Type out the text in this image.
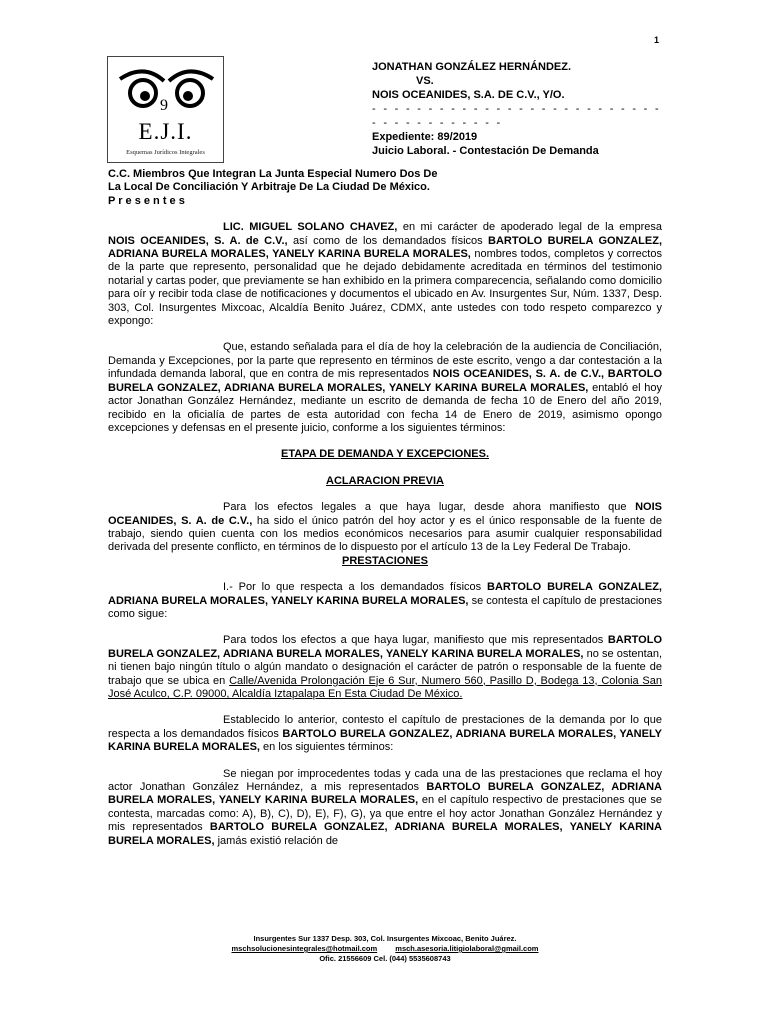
1
9
E.J.I.
Esquemas Jurídicos Integrales
JONATHAN GONZÁLEZ HERNÁNDEZ.
VS.
NOIS OCEANIDES, S.A. DE C.V., Y/O.
- - - - - - - - - - - - - - - - - - - - - - - - - - - - - - - - - - - - - -
Expediente: 89/2019
Juicio Laboral. - Contestación De Demanda
C.C. Miembros Que Integran La Junta Especial Numero Dos De
La Local De Conciliación Y Arbitraje De La Ciudad De México.
P r e s e n t e s

LIC. MIGUEL SOLANO CHAVEZ, en mi carácter de apoderado legal de la empresa NOIS OCEANIDES, S. A. de C.V., así como de los demandados físicos BARTOLO BURELA GONZALEZ, ADRIANA BURELA MORALES, YANELY KARINA BURELA MORALES, nombres todos, completos y correctos de la parte que represento, personalidad que he dejado debidamente acreditada en términos del testimonio notarial y cartas poder, que previamente se han exhibido en la primera comparecencia, señalando como domicilio para oír y recibir toda clase de notificaciones y documentos el ubicado en Av. Insurgentes Sur, Núm. 1337, Desp. 303, Col. Insurgentes Mixcoac, Alcaldía Benito Juárez, CDMX, ante ustedes con todo respeto comparezco y expongo:

Que, estando señalada para el día de hoy la celebración de la audiencia de Conciliación, Demanda y Excepciones, por la parte que represento en términos de este escrito, vengo a dar contestación a la infundada demanda laboral, que en contra de mis representados NOIS OCEANIDES, S. A. de C.V., BARTOLO BURELA GONZALEZ, ADRIANA BURELA MORALES, YANELY KARINA BURELA MORALES, entabló el hoy actor Jonathan González Hernández, mediante un escrito de demanda de fecha 10 de Enero del año 2019, recibido en la oficialía de partes de esta autoridad con fecha 14 de Enero de 2019, asimismo opongo excepciones y defensas en el presente juicio, conforme a los siguientes términos:

ETAPA DE DEMANDA Y EXCEPCIONES.

ACLARACION PREVIA

Para los efectos legales a que haya lugar, desde ahora manifiesto que NOIS OCEANIDES, S. A. de C.V., ha sido el único patrón del hoy actor y es el único responsable de la fuente de trabajo, siendo quien cuenta con los medios económicos necesarios para asumir cualquier responsabilidad derivada del presente conflicto, en términos de lo dispuesto por el artículo 13 de la Ley Federal De Trabajo.

PRESTACIONES

I.- Por lo que respecta a los demandados físicos BARTOLO BURELA GONZALEZ, ADRIANA BURELA MORALES, YANELY KARINA BURELA MORALES, se contesta el capítulo de prestaciones como sigue:

Para todos los efectos a que haya lugar, manifiesto que mis representados BARTOLO BURELA GONZALEZ, ADRIANA BURELA MORALES, YANELY KARINA BURELA MORALES, no se ostentan, ni tienen bajo ningún título o algún mandato o designación el carácter de patrón o responsable de la fuente de trabajo que se ubica en Calle/Avenida Prolongación Eje 6 Sur, Numero 560, Pasillo D, Bodega 13, Colonia San José Aculco, C.P. 09000, Alcaldía Iztapalapa En Esta Ciudad De México.

Establecido lo anterior, contesto el capítulo de prestaciones de la demanda por lo que respecta a los demandados físicos BARTOLO BURELA GONZALEZ, ADRIANA BURELA MORALES, YANELY KARINA BURELA MORALES, en los siguientes términos:

Se niegan por improcedentes todas y cada una de las prestaciones que reclama el hoy actor Jonathan González Hernández, a mis representados BARTOLO BURELA GONZALEZ, ADRIANA BURELA MORALES, YANELY KARINA BURELA MORALES, en el capítulo respectivo de prestaciones que se contesta, marcadas como: A), B), C), D), E), F), G), ya que entre el hoy actor Jonathan González Hernández y mis representados BARTOLO BURELA GONZALEZ, ADRIANA BURELA MORALES, YANELY KARINA BURELA MORALES, jamás existió relación de

Insurgentes Sur 1337 Desp. 303, Col. Insurgentes Mixcoac, Benito Juárez.
mschsolucionesintegrales@hotmail.com msch.asesoria.litigiolaboral@gmail.com
Ofic. 21556609 Cel. (044) 5535608743
